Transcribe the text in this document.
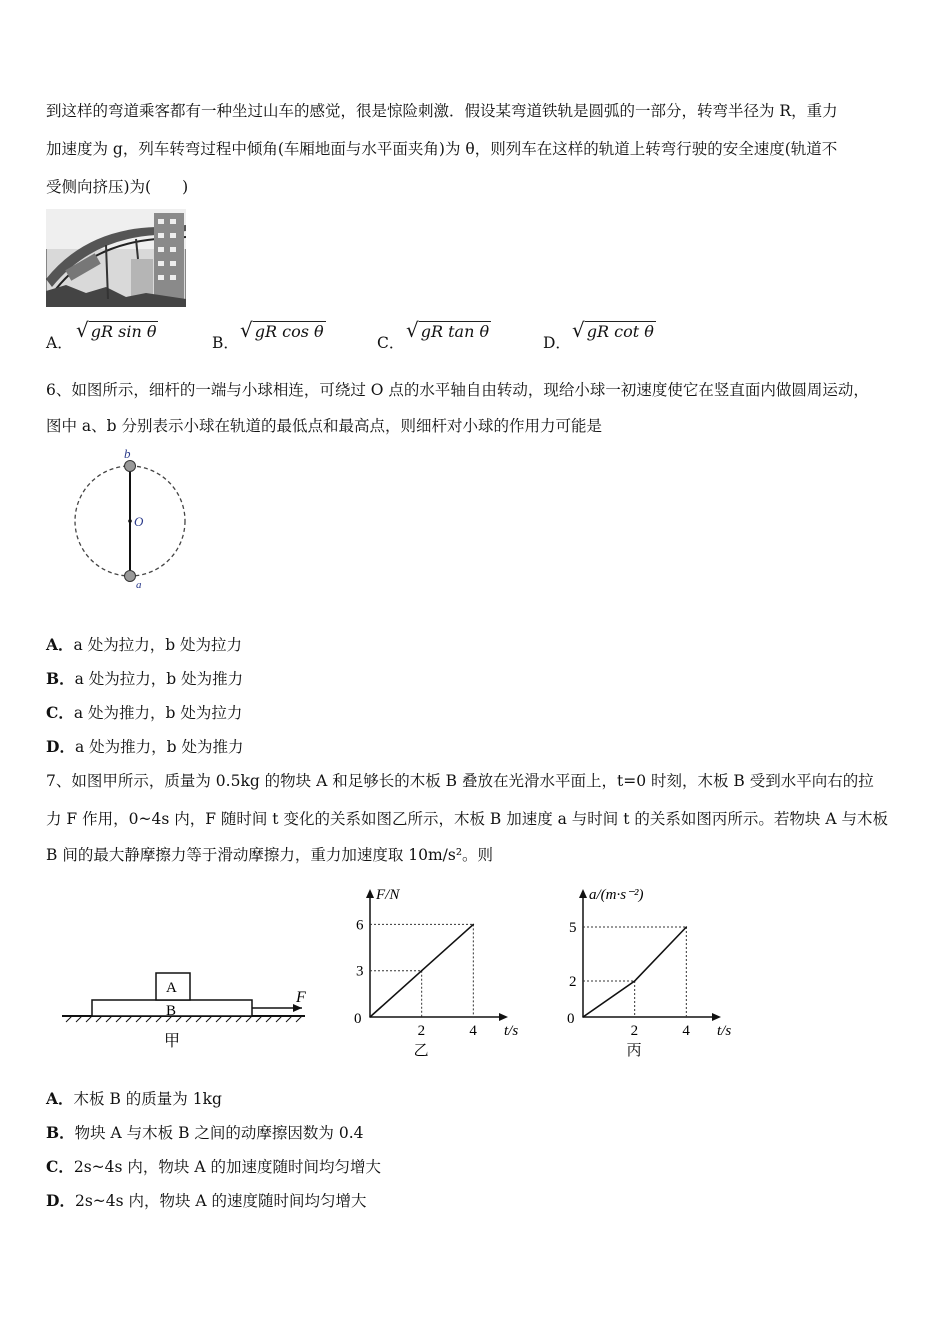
到这样的弯道乘客都有一种坐过山车的感觉，很是惊险刺激．假设某弯道铁轨是圆弧的一部分，转弯半径为 R，重力
加速度为 g，列车转弯过程中倾角(车厢地面与水平面夹角)为 θ，则列车在这样的轨道上转弯行驶的安全速度(轨道不
受侧向挤压)为(　　)
A．
√ gR sin θ
B．
√ gR cos θ
C．
√ gR tan θ
D．
√ gR cot θ
6、如图所示，细杆的一端与小球相连，可绕过 O 点的水平轴自由转动，现给小球一初速度使它在竖直面内做圆周运动，
图中 a、b 分别表示小球在轨道的最低点和最高点，则细杆对小球的作用力可能是
b
O
a
A．a 处为拉力，b 处为拉力
B．a 处为拉力，b 处为推力
C．a 处为推力，b 处为拉力
D．a 处为推力，b 处为推力
7、如图甲所示，质量为 0.5kg 的物块 A 和足够长的木板 B 叠放在光滑水平面上，t=0 时刻，木板 B 受到水平向右的拉
力 F 作用，0~4s 内，F 随时间 t 变化的关系如图乙所示，木板 B 加速度 a 与时间 t 的关系如图丙所示。若物块 A 与木板
B 间的最大静摩擦力等于滑动摩擦力，重力加速度取 10m/s²。则
A
B
F
甲
2	4
3
6
0
t/s
F/N
乙
2	4
2
5
0
t/s
a/(m·s⁻²)
丙
A．木板 B 的质量为 1kg
B．物块 A 与木板 B 之间的动摩擦因数为 0.4
C．2s~4s 内，物块 A 的加速度随时间均匀增大
D．2s~4s 内，物块 A 的速度随时间均匀增大
